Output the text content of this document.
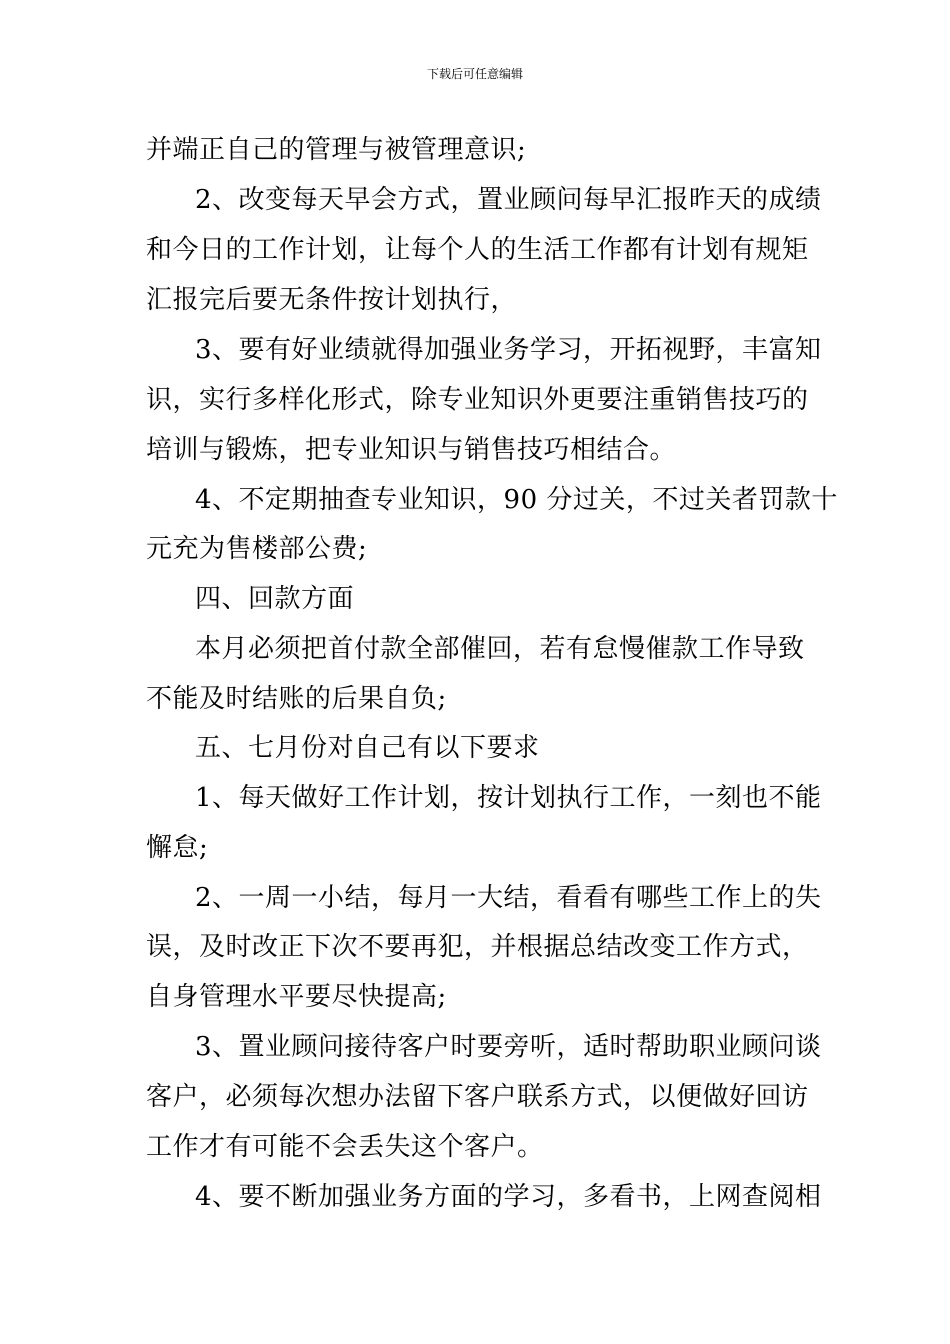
下载后可任意编辑
并端正自己的管理与被管理意识;
2、改变每天早会方式，置业顾问每早汇报昨天的成绩
和今日的工作计划，让每个人的生活工作都有计划有规矩
汇报完后要无条件按计划执行，
3、要有好业绩就得加强业务学习，开拓视野，丰富知
识，实行多样化形式，除专业知识外更要注重销售技巧的
培训与锻炼，把专业知识与销售技巧相结合。
4、不定期抽查专业知识，90 分过关，不过关者罚款十
元充为售楼部公费;
四、回款方面
本月必须把首付款全部催回，若有怠慢催款工作导致
不能及时结账的后果自负;
五、七月份对自己有以下要求
1、每天做好工作计划，按计划执行工作，一刻也不能
懈怠;
2、一周一小结，每月一大结，看看有哪些工作上的失
误，及时改正下次不要再犯，并根据总结改变工作方式，
自身管理水平要尽快提高;
3、置业顾问接待客户时要旁听，适时帮助职业顾问谈
客户，必须每次想办法留下客户联系方式，以便做好回访
工作才有可能不会丢失这个客户。
4、要不断加强业务方面的学习，多看书，上网查阅相
